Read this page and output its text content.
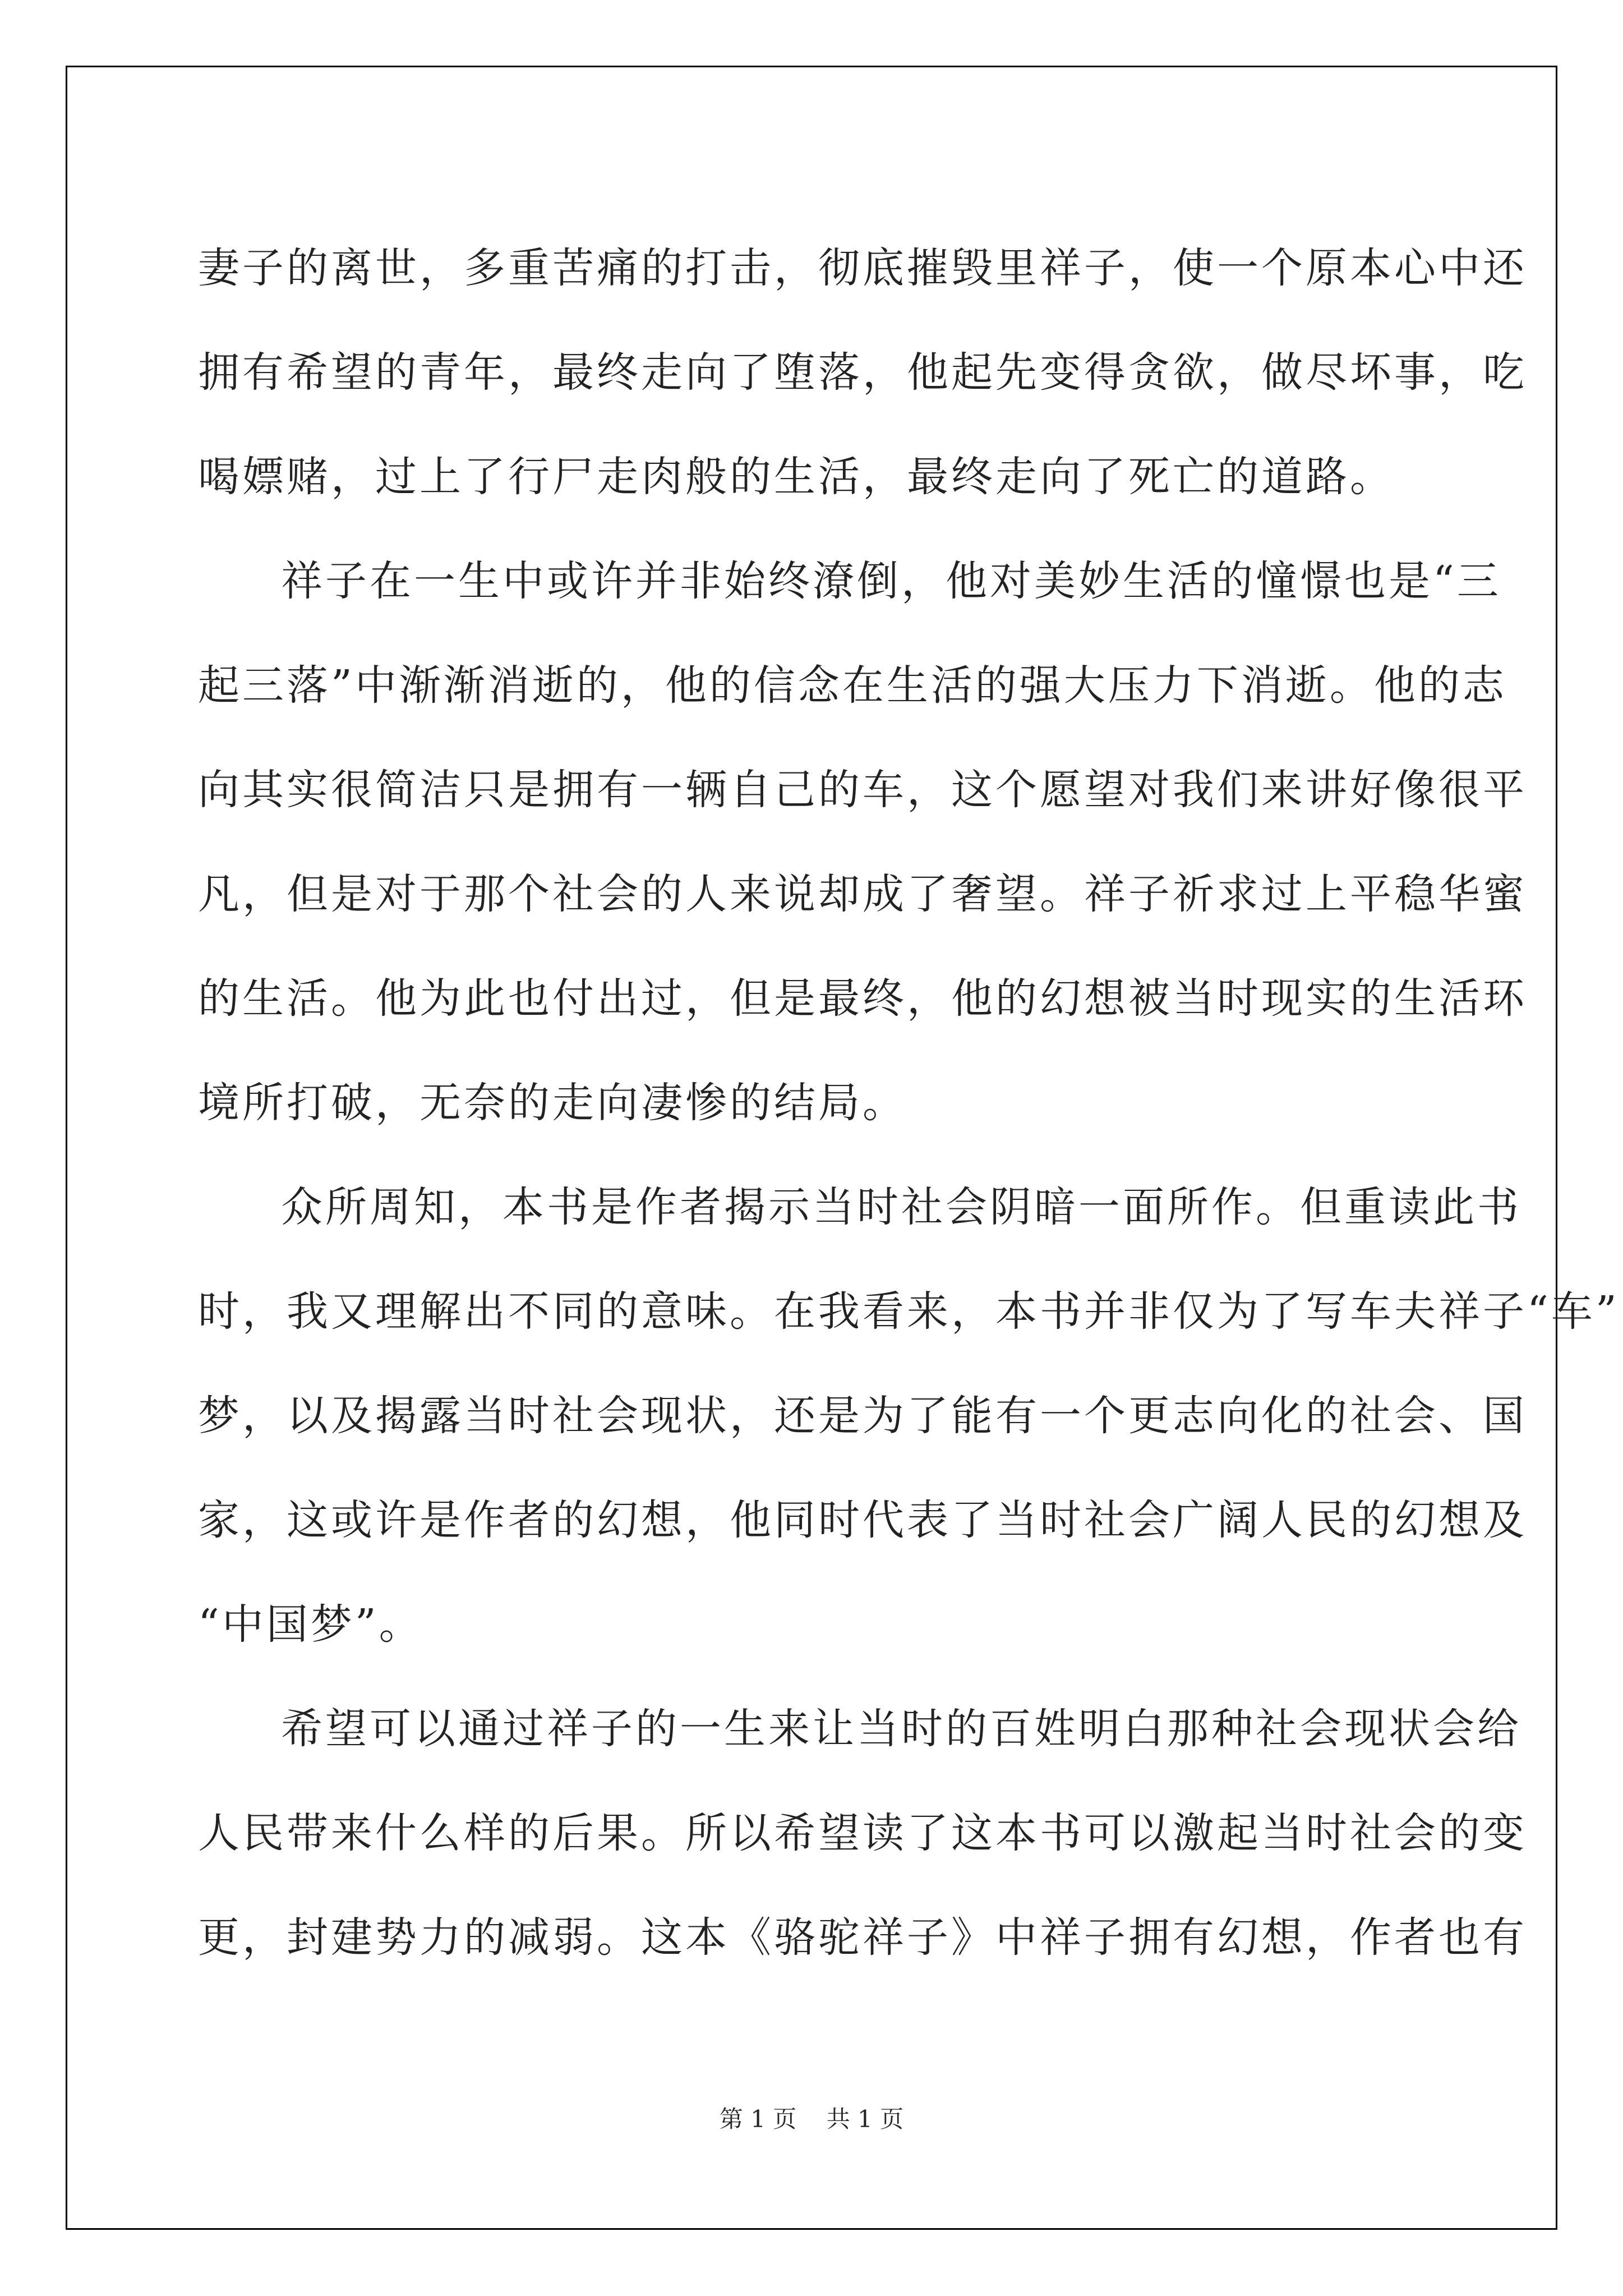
妻子的离世，多重苦痛的打击，彻底摧毁里祥子，使一个原本心中还
拥有希望的青年，最终走向了堕落，他起先变得贪欲，做尽坏事，吃
喝嫖赌，过上了行尸走肉般的生活，最终走向了死亡的道路。
祥子在一生中或许并非始终潦倒，他对美妙生活的憧憬也是“三
起三落”中渐渐消逝的，他的信念在生活的强大压力下消逝。他的志
向其实很简洁只是拥有一辆自己的车，这个愿望对我们来讲好像很平
凡，但是对于那个社会的人来说却成了奢望。祥子祈求过上平稳华蜜
的生活。他为此也付出过，但是最终，他的幻想被当时现实的生活环
境所打破，无奈的走向凄惨的结局。
众所周知，本书是作者揭示当时社会阴暗一面所作。但重读此书
时，我又理解出不同的意味。在我看来，本书并非仅为了写车夫祥子“车”
梦，以及揭露当时社会现状，还是为了能有一个更志向化的社会、国
家，这或许是作者的幻想，他同时代表了当时社会广阔人民的幻想及
“中国梦”。
希望可以通过祥子的一生来让当时的百姓明白那种社会现状会给
人民带来什么样的后果。所以希望读了这本书可以激起当时社会的变
更，封建势力的减弱。这本《骆驼祥子》中祥子拥有幻想，作者也有
第 1 页    共 1 页
